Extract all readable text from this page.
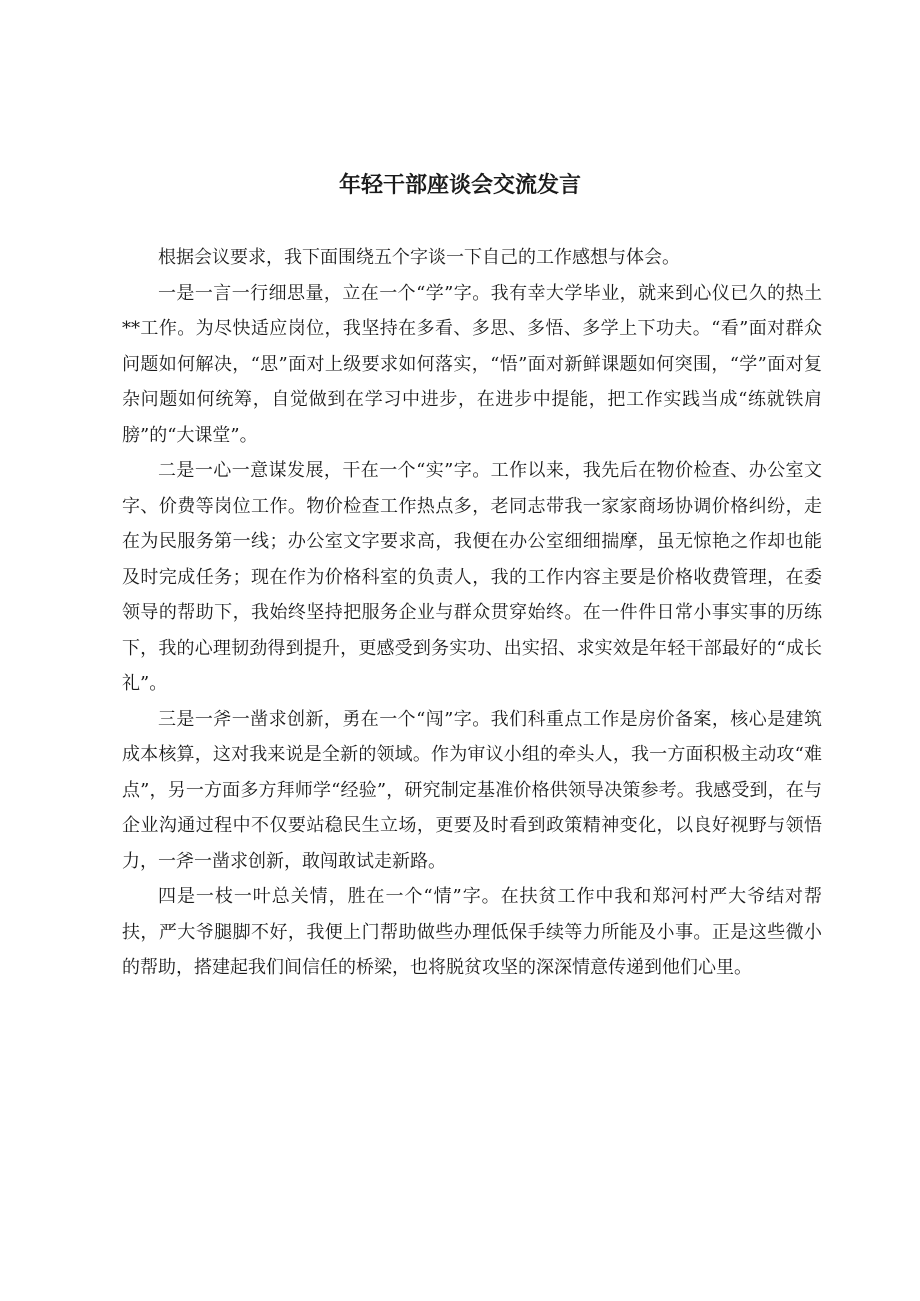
年轻干部座谈会交流发言

根据会议要求，我下面围绕五个字谈一下自己的工作感想与体会。

一是一言一行细思量，立在一个“学”字。我有幸大学毕业，就来到心仪已久的热土**工作。为尽快适应岗位，我坚持在多看、多思、多悟、多学上下功夫。“看”面对群众问题如何解决，“思”面对上级要求如何落实，“悟”面对新鲜课题如何突围，“学”面对复杂问题如何统筹，自觉做到在学习中进步，在进步中提能，把工作实践当成“练就铁肩膀”的“大课堂”。

二是一心一意谋发展，干在一个“实”字。工作以来，我先后在物价检查、办公室文字、价费等岗位工作。物价检查工作热点多，老同志带我一家家商场协调价格纠纷，走在为民服务第一线；办公室文字要求高，我便在办公室细细揣摩，虽无惊艳之作却也能及时完成任务；现在作为价格科室的负责人，我的工作内容主要是价格收费管理，在委领导的帮助下，我始终坚持把服务企业与群众贯穿始终。在一件件日常小事实事的历练下，我的心理韧劲得到提升，更感受到务实功、出实招、求实效是年轻干部最好的“成长礼”。

三是一斧一凿求创新，勇在一个“闯”字。我们科重点工作是房价备案，核心是建筑成本核算，这对我来说是全新的领域。作为审议小组的牵头人，我一方面积极主动攻“难点”，另一方面多方拜师学“经验”，研究制定基准价格供领导决策参考。我感受到，在与企业沟通过程中不仅要站稳民生立场，更要及时看到政策精神变化，以良好视野与领悟力，一斧一凿求创新，敢闯敢试走新路。

四是一枝一叶总关情，胜在一个“情”字。在扶贫工作中我和郑河村严大爷结对帮扶，严大爷腿脚不好，我便上门帮助做些办理低保手续等力所能及小事。正是这些微小的帮助，搭建起我们间信任的桥梁，也将脱贫攻坚的深深情意传递到他们心里。
